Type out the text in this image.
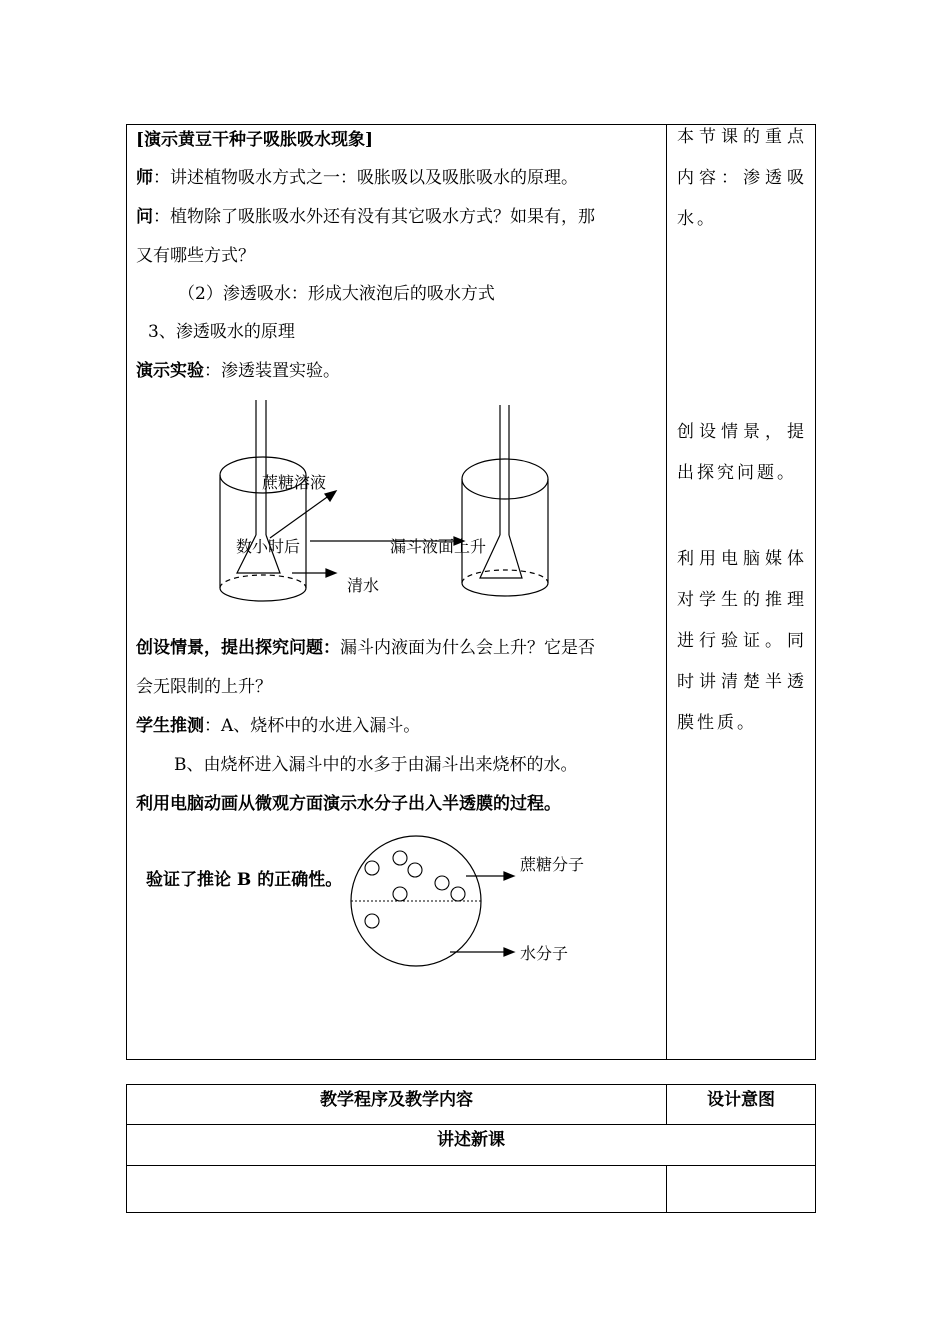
[演示黄豆干种子吸胀吸水现象]
师：讲述植物吸水方式之一：吸胀吸以及吸胀吸水的原理。
问：植物除了吸胀吸水外还有没有其它吸水方式？如果有，那
又有哪些方式？
（2）渗透吸水：形成大液泡后的吸水方式
3、渗透吸水的原理
演示实验：渗透装置实验。
蔗糖溶液
数小时后	漏斗液面上升
清水
创设情景，提出探究问题：漏斗内液面为什么会上升？它是否
会无限制的上升？
学生推测：A、烧杯中的水进入漏斗。
B、由烧杯进入漏斗中的水多于由漏斗出来烧杯的水。
利用电脑动画从微观方面演示水分子出入半透膜的过程。
验证了推论 B 的正确性。
蔗糖分子
水分子
本节课的重点内容：渗透吸水。
创设情景，提出探究问题。
利用电脑媒体对学生的推理进行验证。同时讲清楚半透膜性质。
教学程序及教学内容	设计意图
讲述新课
